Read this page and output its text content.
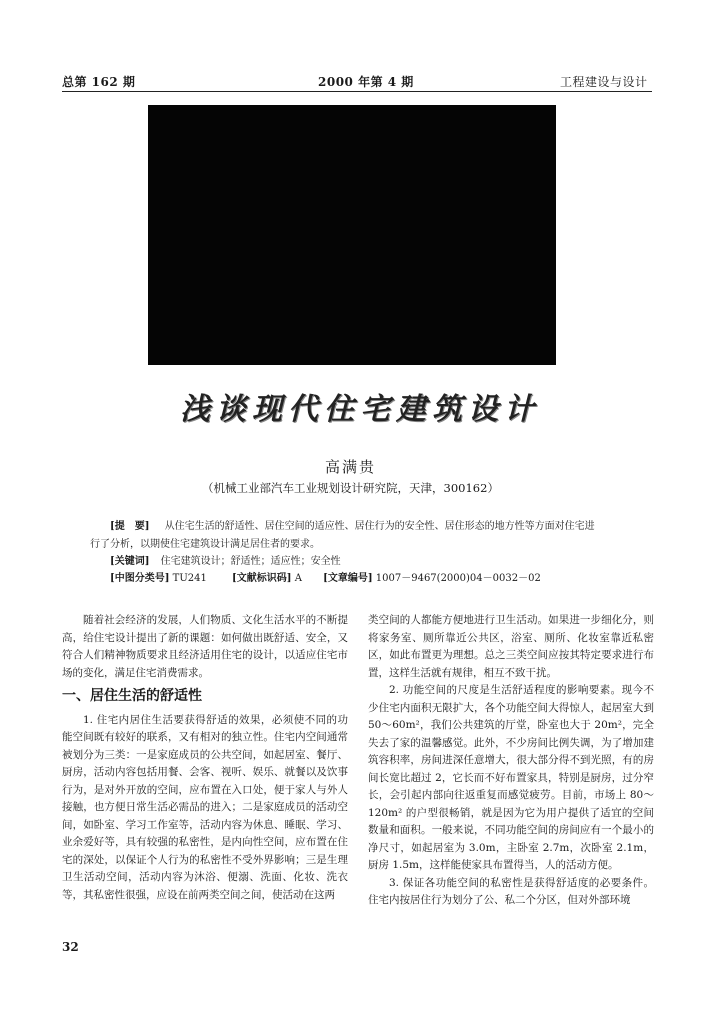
总第 162 期	2000 年第 4 期	工程建设与设计
浅谈现代住宅建筑设计
高满贵
（机械工业部汽车工业规划设计研究院，天津，300162）
[提　要] 从住宅生活的舒适性、居住空间的适应性、居住行为的安全性、居住形态的地方性等方面对住宅进
行了分析，以期使住宅建筑设计满足居住者的要求。
[关键词] 住宅建筑设计；舒适性；适应性；安全性
[中图分类号] TU241	[文献标识码] A [文章编号] 1007－9467(2000)04－0032－02

随着社会经济的发展，人们物质、文化生活水平的不断提高，给住宅设计提出了新的课题：如何做出既舒适、安全，又符合人们精神物质要求且经济适用住宅的设计，以适应住宅市场的变化，满足住宅消费需求。

一、居住生活的舒适性

1. 住宅内居住生活要获得舒适的效果，必须使不同的功能空间既有较好的联系，又有相对的独立性。住宅内空间通常被划分为三类：一是家庭成员的公共空间，如起居室、餐厅、厨房，活动内容包括用餐、会客、视听、娱乐、就餐以及饮事行为，是对外开放的空间，应布置在入口处，便于家人与外人接触，也方便日常生活必需品的进入；二是家庭成员的活动空间，如卧室、学习工作室等，活动内容为休息、睡眠、学习、业余爱好等，具有较强的私密性，是内向性空间，应布置在住宅的深处，以保证个人行为的私密性不受外界影响；三是生理卫生活动空间，活动内容为沐浴、便溺、洗面、化妆、洗衣等，其私密性很强，应设在前两类空间之间，使活动在这两

类空间的人都能方便地进行卫生活动。如果进一步细化分，则将家务室、厕所靠近公共区，浴室、厕所、化妆室靠近私密区，如此布置更为理想。总之三类空间应按其特定要求进行布置，这样生活就有规律，相互不致干扰。

2. 功能空间的尺度是生活舒适程度的影响要素。现今不少住宅内面积无限扩大，各个功能空间大得惊人，起居室大到 50～60m²，我们公共建筑的厅堂，卧室也大于 20m²，完全失去了家的温馨感觉。此外，不少房间比例失调，为了增加建筑容积率，房间进深任意增大，很大部分得不到光照，有的房间长宽比超过 2，它长而不好布置家具，特别是厨房，过分窄长，会引起内部向往返重复而感觉疲劳。目前，市场上 80～120m² 的户型很畅销，就是因为它为用户提供了适宜的空间数量和面积。一般来说，不同功能空间的房间应有一个最小的净尺寸，如起居室为 3.0m，主卧室 2.7m，次卧室 2.1m，厨房 1.5m，这样能使家具布置得当，人的活动方便。

3. 保证各功能空间的私密性是获得舒适度的必要条件。住宅内按居住行为划分了公、私二个分区，但对外部环境

32
